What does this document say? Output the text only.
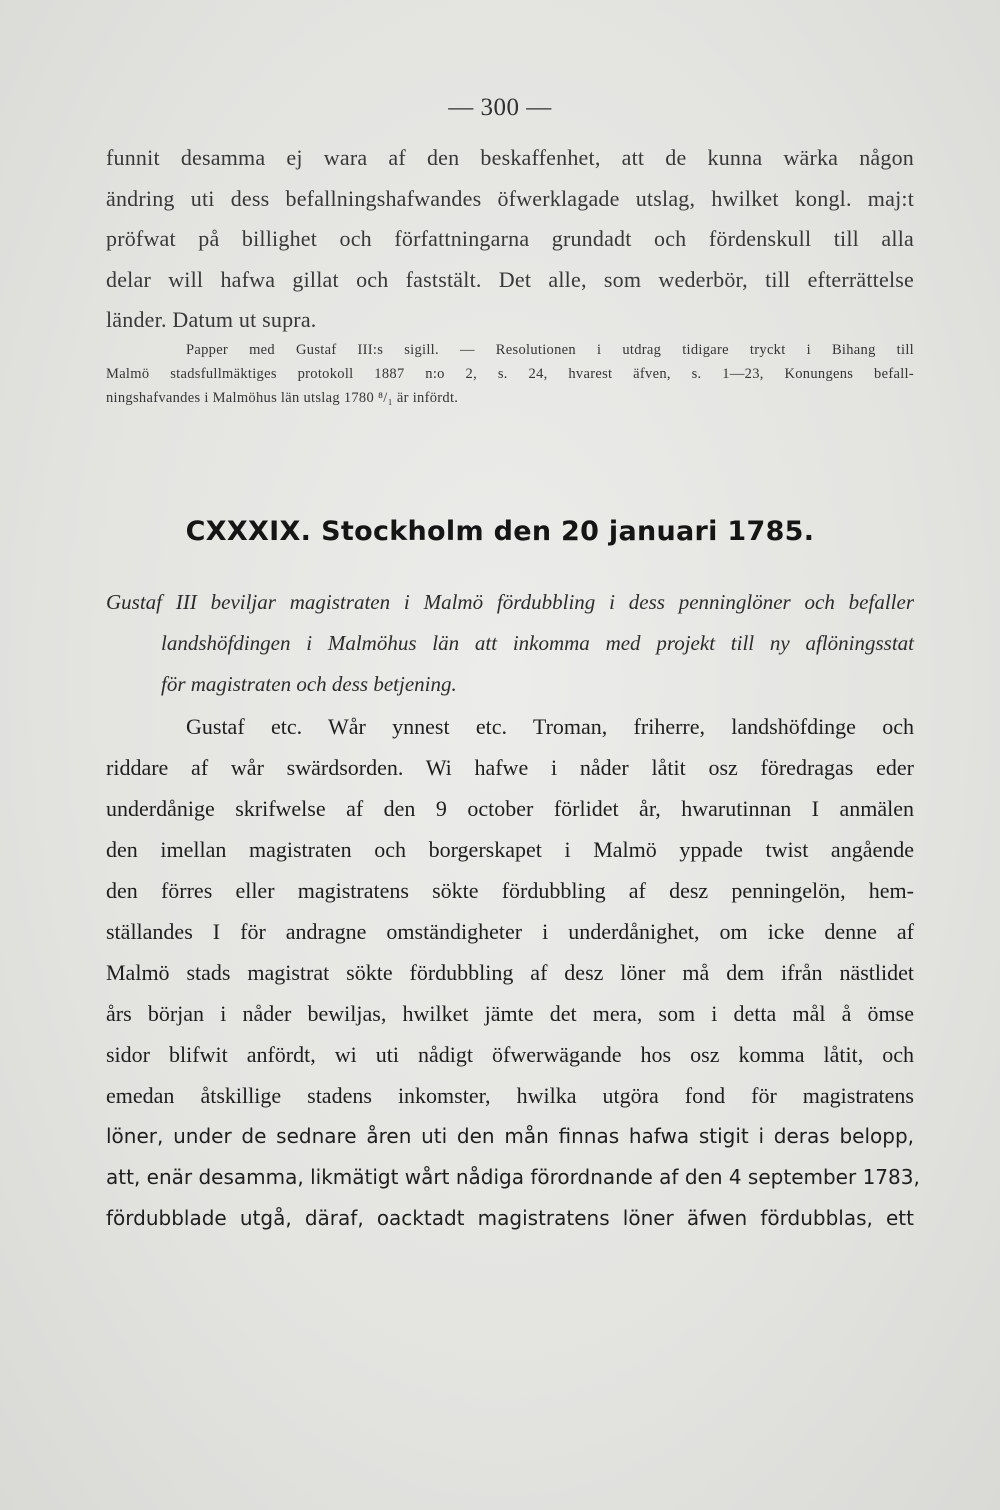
— 300 —
funnit desamma ej wara af den beskaffenhet, att de kunna wärka någon
ändring uti dess befallningshafwandes öfwerklagade utslag, hwilket kongl. maj:t
pröfwat på billighet och författningarna grundadt och fördenskull till alla
delar will hafwa gillat och faststält. Det alle, som wederbör, till efterrättelse
länder. Datum ut supra.
Papper med Gustaf III:s sigill. — Resolutionen i utdrag tidigare tryckt i Bihang till
Malmö stadsfullmäktiges protokoll 1887 n:o 2, s. 24, hvarest äfven, s. 1—23, Konungens befall-
ningshafvandes i Malmöhus län utslag 1780 ⁸/₁ är infördt.
CXXXIX. Stockholm den 20 januari 1785.
Gustaf III beviljar magistraten i Malmö fördubbling i dess penninglöner och befaller
landshöfdingen i Malmöhus län att inkomma med projekt till ny aflöningsstat
för magistraten och dess betjening.
Gustaf etc. Wår ynnest etc. Troman, friherre, landshöfdinge och
riddare af wår swärdsorden. Wi hafwe i nåder låtit osz föredragas eder
underdånige skrifwelse af den 9 october förlidet år, hwarutinnan I anmälen
den imellan magistraten och borgerskapet i Malmö yppade twist angående
den förres eller magistratens sökte fördubbling af desz penningelön, hem-
ställandes I för andragne omständigheter i underdånighet, om icke denne af
Malmö stads magistrat sökte fördubbling af desz löner må dem ifrån nästlidet
års början i nåder bewiljas, hwilket jämte det mera, som i detta mål å ömse
sidor blifwit anfördt, wi uti nådigt öfwerwägande hos osz komma låtit, och
emedan åtskillige stadens inkomster, hwilka utgöra fond för magistratens
löner, under de sednare åren uti den mån finnas hafwa stigit i deras belopp,
att, enär desamma, likmätigt wårt nådiga förordnande af den 4 september 1783,
fördubblade utgå, däraf, oacktadt magistratens löner äfwen fördubblas, ett
